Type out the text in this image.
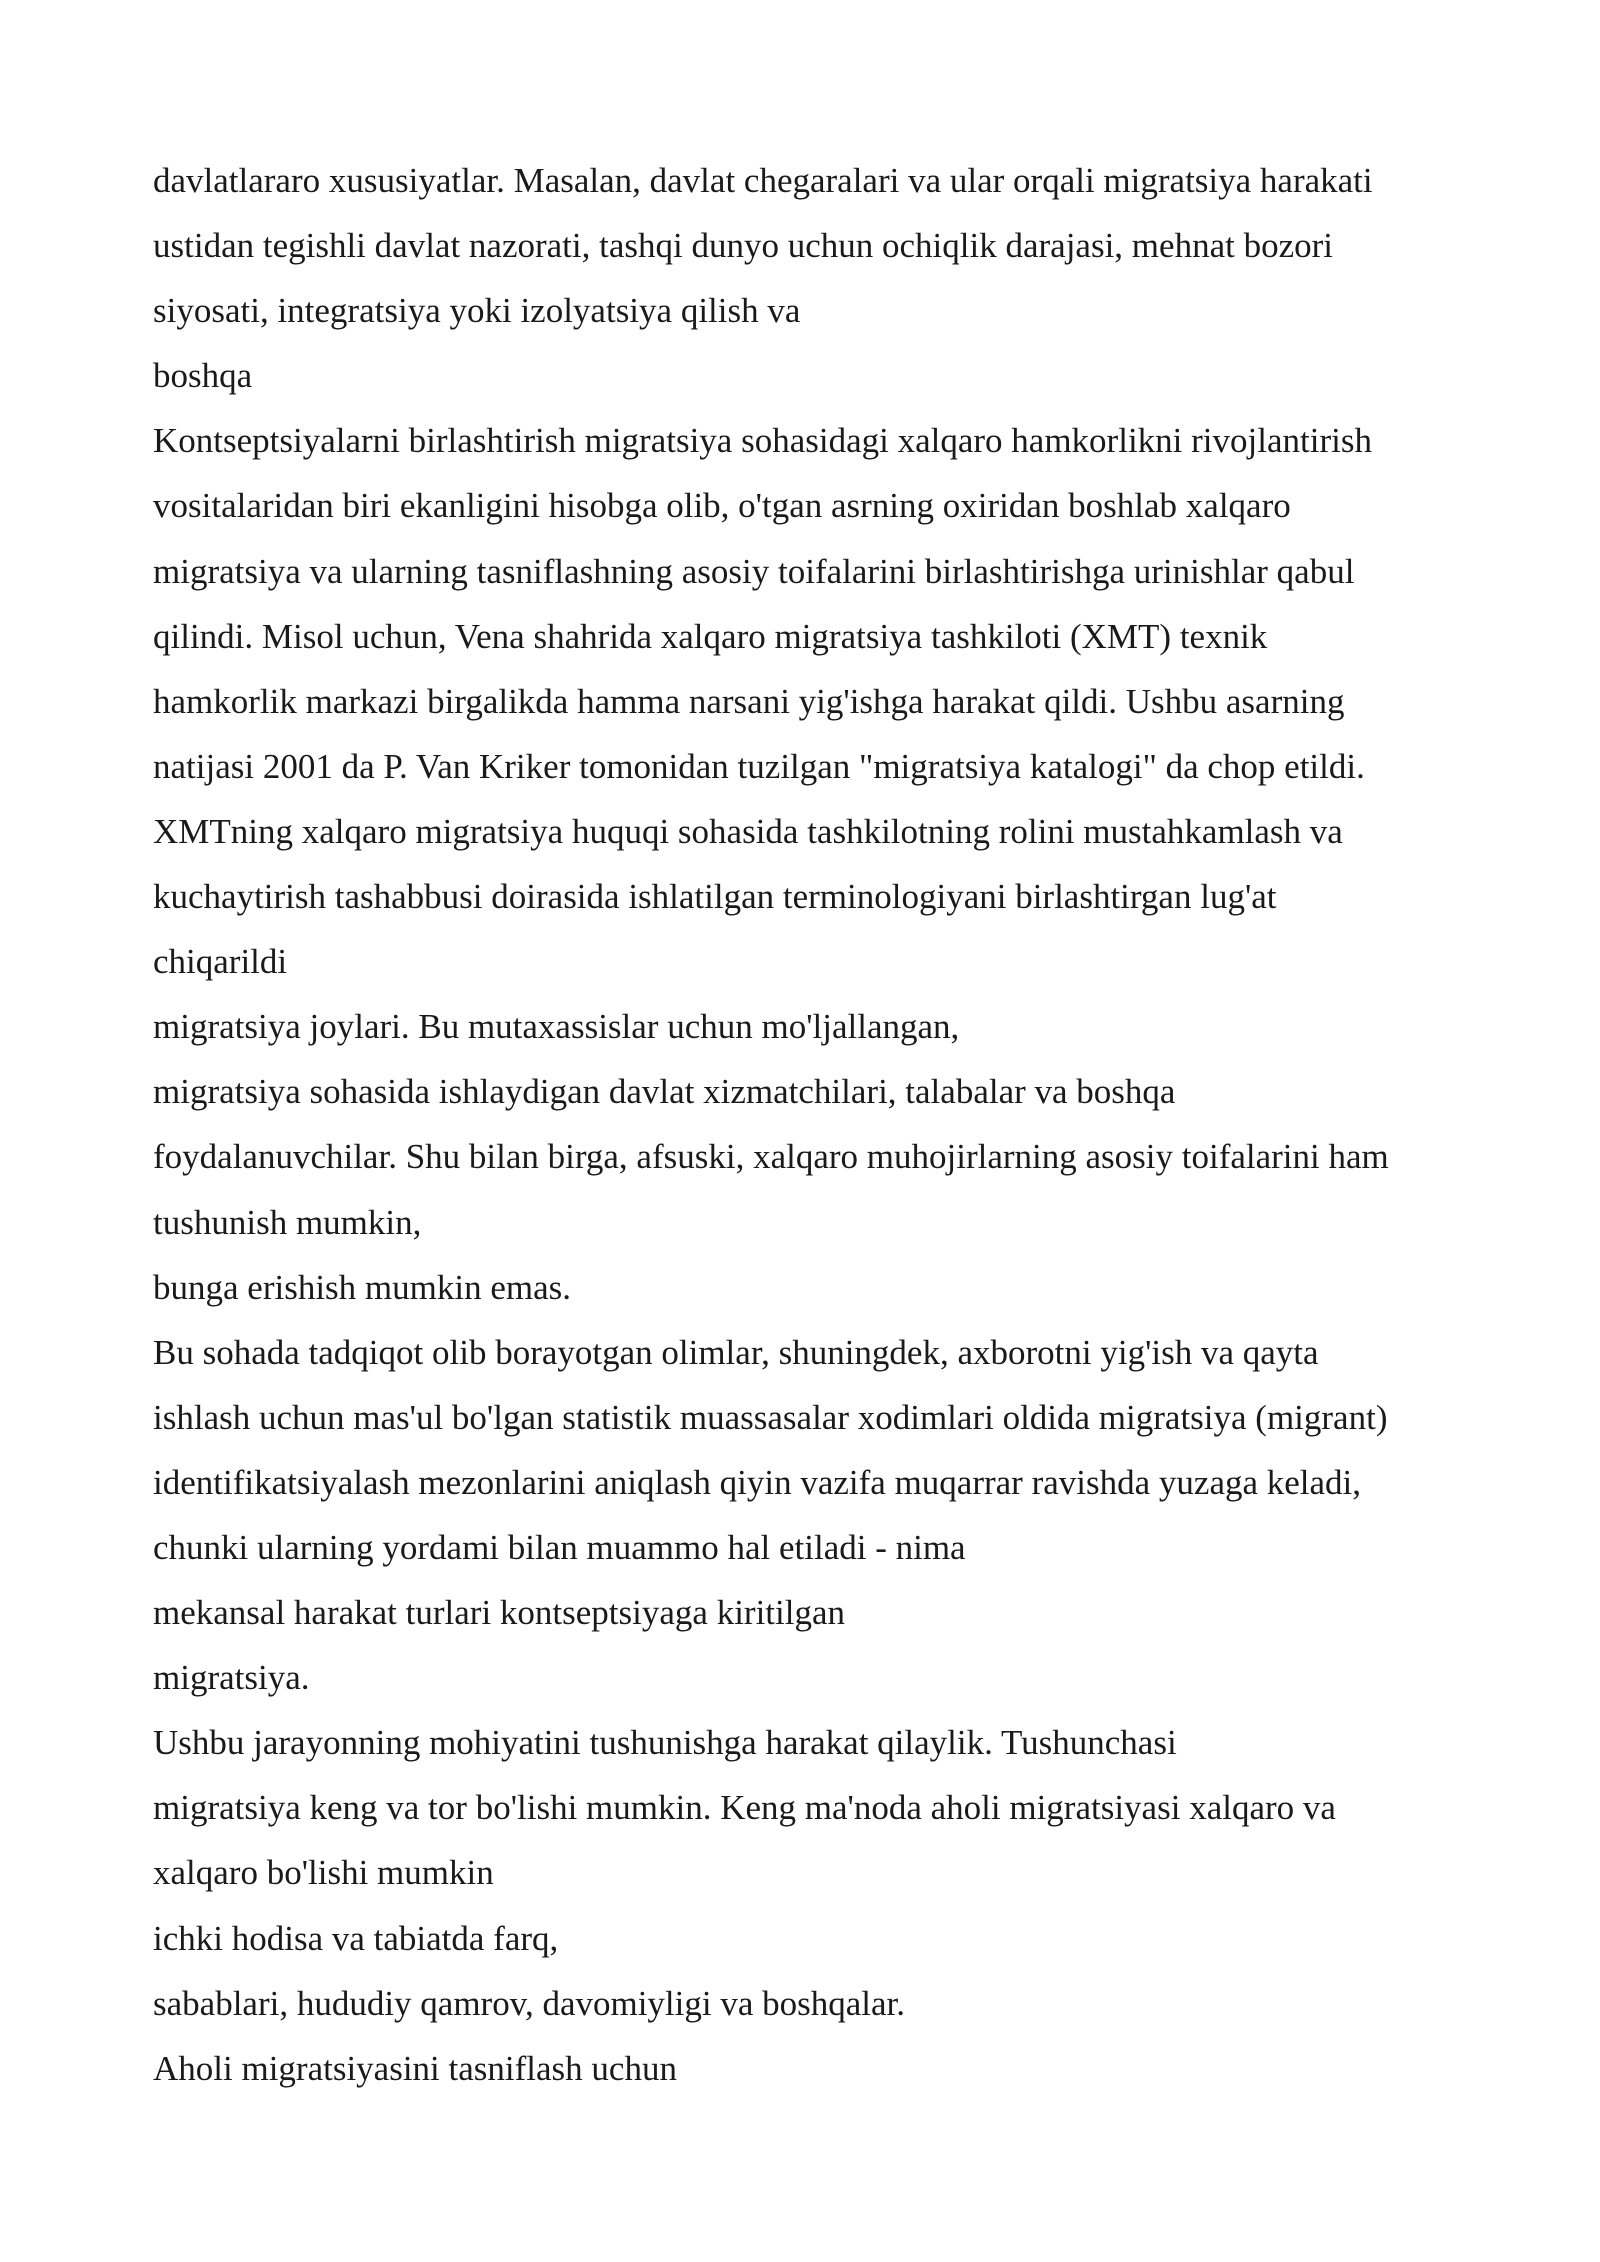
davlatlararo xususiyatlar. Masalan, davlat chegaralari va ular orqali migratsiya harakati

ustidan tegishli davlat nazorati, tashqi dunyo uchun ochiqlik darajasi, mehnat bozori

siyosati, integratsiya yoki izolyatsiya qilish va

boshqa

Kontseptsiyalarni birlashtirish migratsiya sohasidagi xalqaro hamkorlikni rivojlantirish

vositalaridan biri ekanligini hisobga olib, o'tgan asrning oxiridan boshlab xalqaro

migratsiya va ularning tasniflashning asosiy toifalarini birlashtirishga urinishlar qabul

qilindi. Misol uchun, Vena shahrida xalqaro migratsiya tashkiloti (XMT) texnik

hamkorlik markazi birgalikda hamma narsani yig'ishga harakat qildi. Ushbu asarning

natijasi 2001 da P. Van Kriker tomonidan tuzilgan "migratsiya katalogi" da chop etildi.

XMTning xalqaro migratsiya huquqi sohasida tashkilotning rolini mustahkamlash va

kuchaytirish tashabbusi doirasida ishlatilgan terminologiyani birlashtirgan lug'at

chiqarildi

migratsiya joylari. Bu mutaxassislar uchun mo'ljallangan,

migratsiya sohasida ishlaydigan davlat xizmatchilari, talabalar va boshqa

foydalanuvchilar. Shu bilan birga, afsuski, xalqaro muhojirlarning asosiy toifalarini ham

tushunish mumkin,

bunga erishish mumkin emas.

Bu sohada tadqiqot olib borayotgan olimlar, shuningdek, axborotni yig'ish va qayta

ishlash uchun mas'ul bo'lgan statistik muassasalar xodimlari oldida migratsiya (migrant)

identifikatsiyalash mezonlarini aniqlash qiyin vazifa muqarrar ravishda yuzaga keladi,

chunki ularning yordami bilan muammo hal etiladi - nima

mekansal harakat turlari kontseptsiyaga kiritilgan

migratsiya.

Ushbu jarayonning mohiyatini tushunishga harakat qilaylik. Tushunchasi

migratsiya keng va tor bo'lishi mumkin. Keng ma'noda aholi migratsiyasi xalqaro va

xalqaro bo'lishi mumkin

ichki hodisa va tabiatda farq,

sabablari, hududiy qamrov, davomiyligi va boshqalar.

Aholi migratsiyasini tasniflash uchun
